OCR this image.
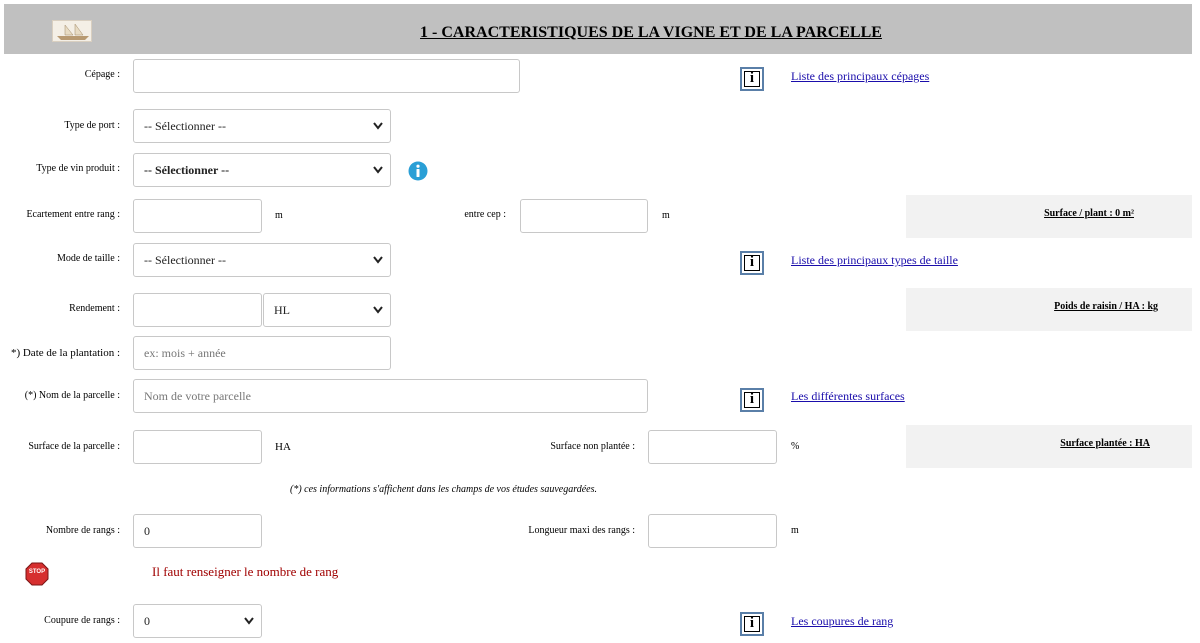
1 - CARACTERISTIQUES DE LA VIGNE ET DE LA PARCELLE
Cépage :	i	Liste des principaux cépages
Type de port :	-- Sélectionner --
Type de vin produit :	-- Sélectionner --
Ecartement entre rang :	m	entre cep :	m	Surface / plant : 0 m²
Mode de taille :	-- Sélectionner --	i	Liste des principaux types de taille
Rendement :	HL	Poids de raisin / HA : kg
*) Date de la plantation :	ex: mois + année
(*) Nom de la parcelle :	Nom de votre parcelle	i	Les différentes surfaces
Surface de la parcelle :	HA	Surface non plantée :	%	Surface plantée : HA
(*) ces informations s'affichent dans les champs de vos études sauvegardées.
Nombre de rangs :	0	Longueur maxi des rangs :	m
STOP	Il faut renseigner le nombre de rang
Coupure de rangs :	0	i	Les coupures de rang
